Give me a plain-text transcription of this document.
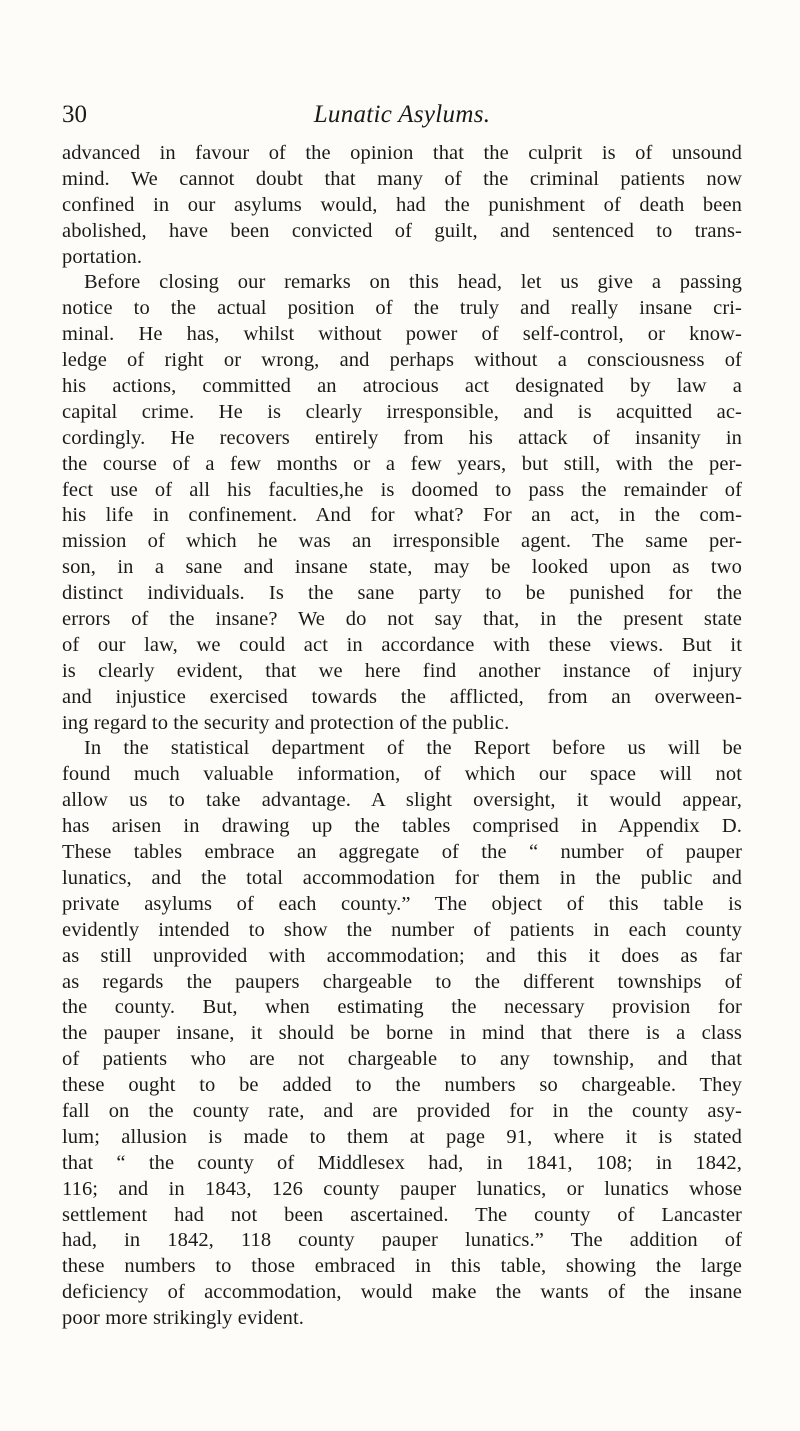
30	Lunatic Asylums.
advanced in favour of the opinion that the culprit is of unsound
mind. We cannot doubt that many of the criminal patients now
confined in our asylums would, had the punishment of death been
abolished, have been convicted of guilt, and sentenced to trans-
portation.
Before closing our remarks on this head, let us give a passing
notice to the actual position of the truly and really insane cri-
minal. He has, whilst without power of self-control, or know-
ledge of right or wrong, and perhaps without a consciousness of
his actions, committed an atrocious act designated by law a
capital crime. He is clearly irresponsible, and is acquitted ac-
cordingly. He recovers entirely from his attack of insanity in
the course of a few months or a few years, but still, with the per-
fect use of all his faculties,he is doomed to pass the remainder of
his life in confinement. And for what? For an act, in the com-
mission of which he was an irresponsible agent. The same per-
son, in a sane and insane state, may be looked upon as two
distinct individuals. Is the sane party to be punished for the
errors of the insane? We do not say that, in the present state
of our law, we could act in accordance with these views. But it
is clearly evident, that we here find another instance of injury
and injustice exercised towards the afflicted, from an overween-
ing regard to the security and protection of the public.
In the statistical department of the Report before us will be
found much valuable information, of which our space will not
allow us to take advantage. A slight oversight, it would appear,
has arisen in drawing up the tables comprised in Appendix D.
These tables embrace an aggregate of the “ number of pauper
lunatics, and the total accommodation for them in the public and
private asylums of each county.” The object of this table is
evidently intended to show the number of patients in each county
as still unprovided with accommodation; and this it does as far
as regards the paupers chargeable to the different townships of
the county. But, when estimating the necessary provision for
the pauper insane, it should be borne in mind that there is a class
of patients who are not chargeable to any township, and that
these ought to be added to the numbers so chargeable. They
fall on the county rate, and are provided for in the county asy-
lum; allusion is made to them at page 91, where it is stated
that “ the county of Middlesex had, in 1841, 108; in 1842,
116; and in 1843, 126 county pauper lunatics, or lunatics whose
settlement had not been ascertained. The county of Lancaster
had, in 1842, 118 county pauper lunatics.” The addition of
these numbers to those embraced in this table, showing the large
deficiency of accommodation, would make the wants of the insane
poor more strikingly evident.
